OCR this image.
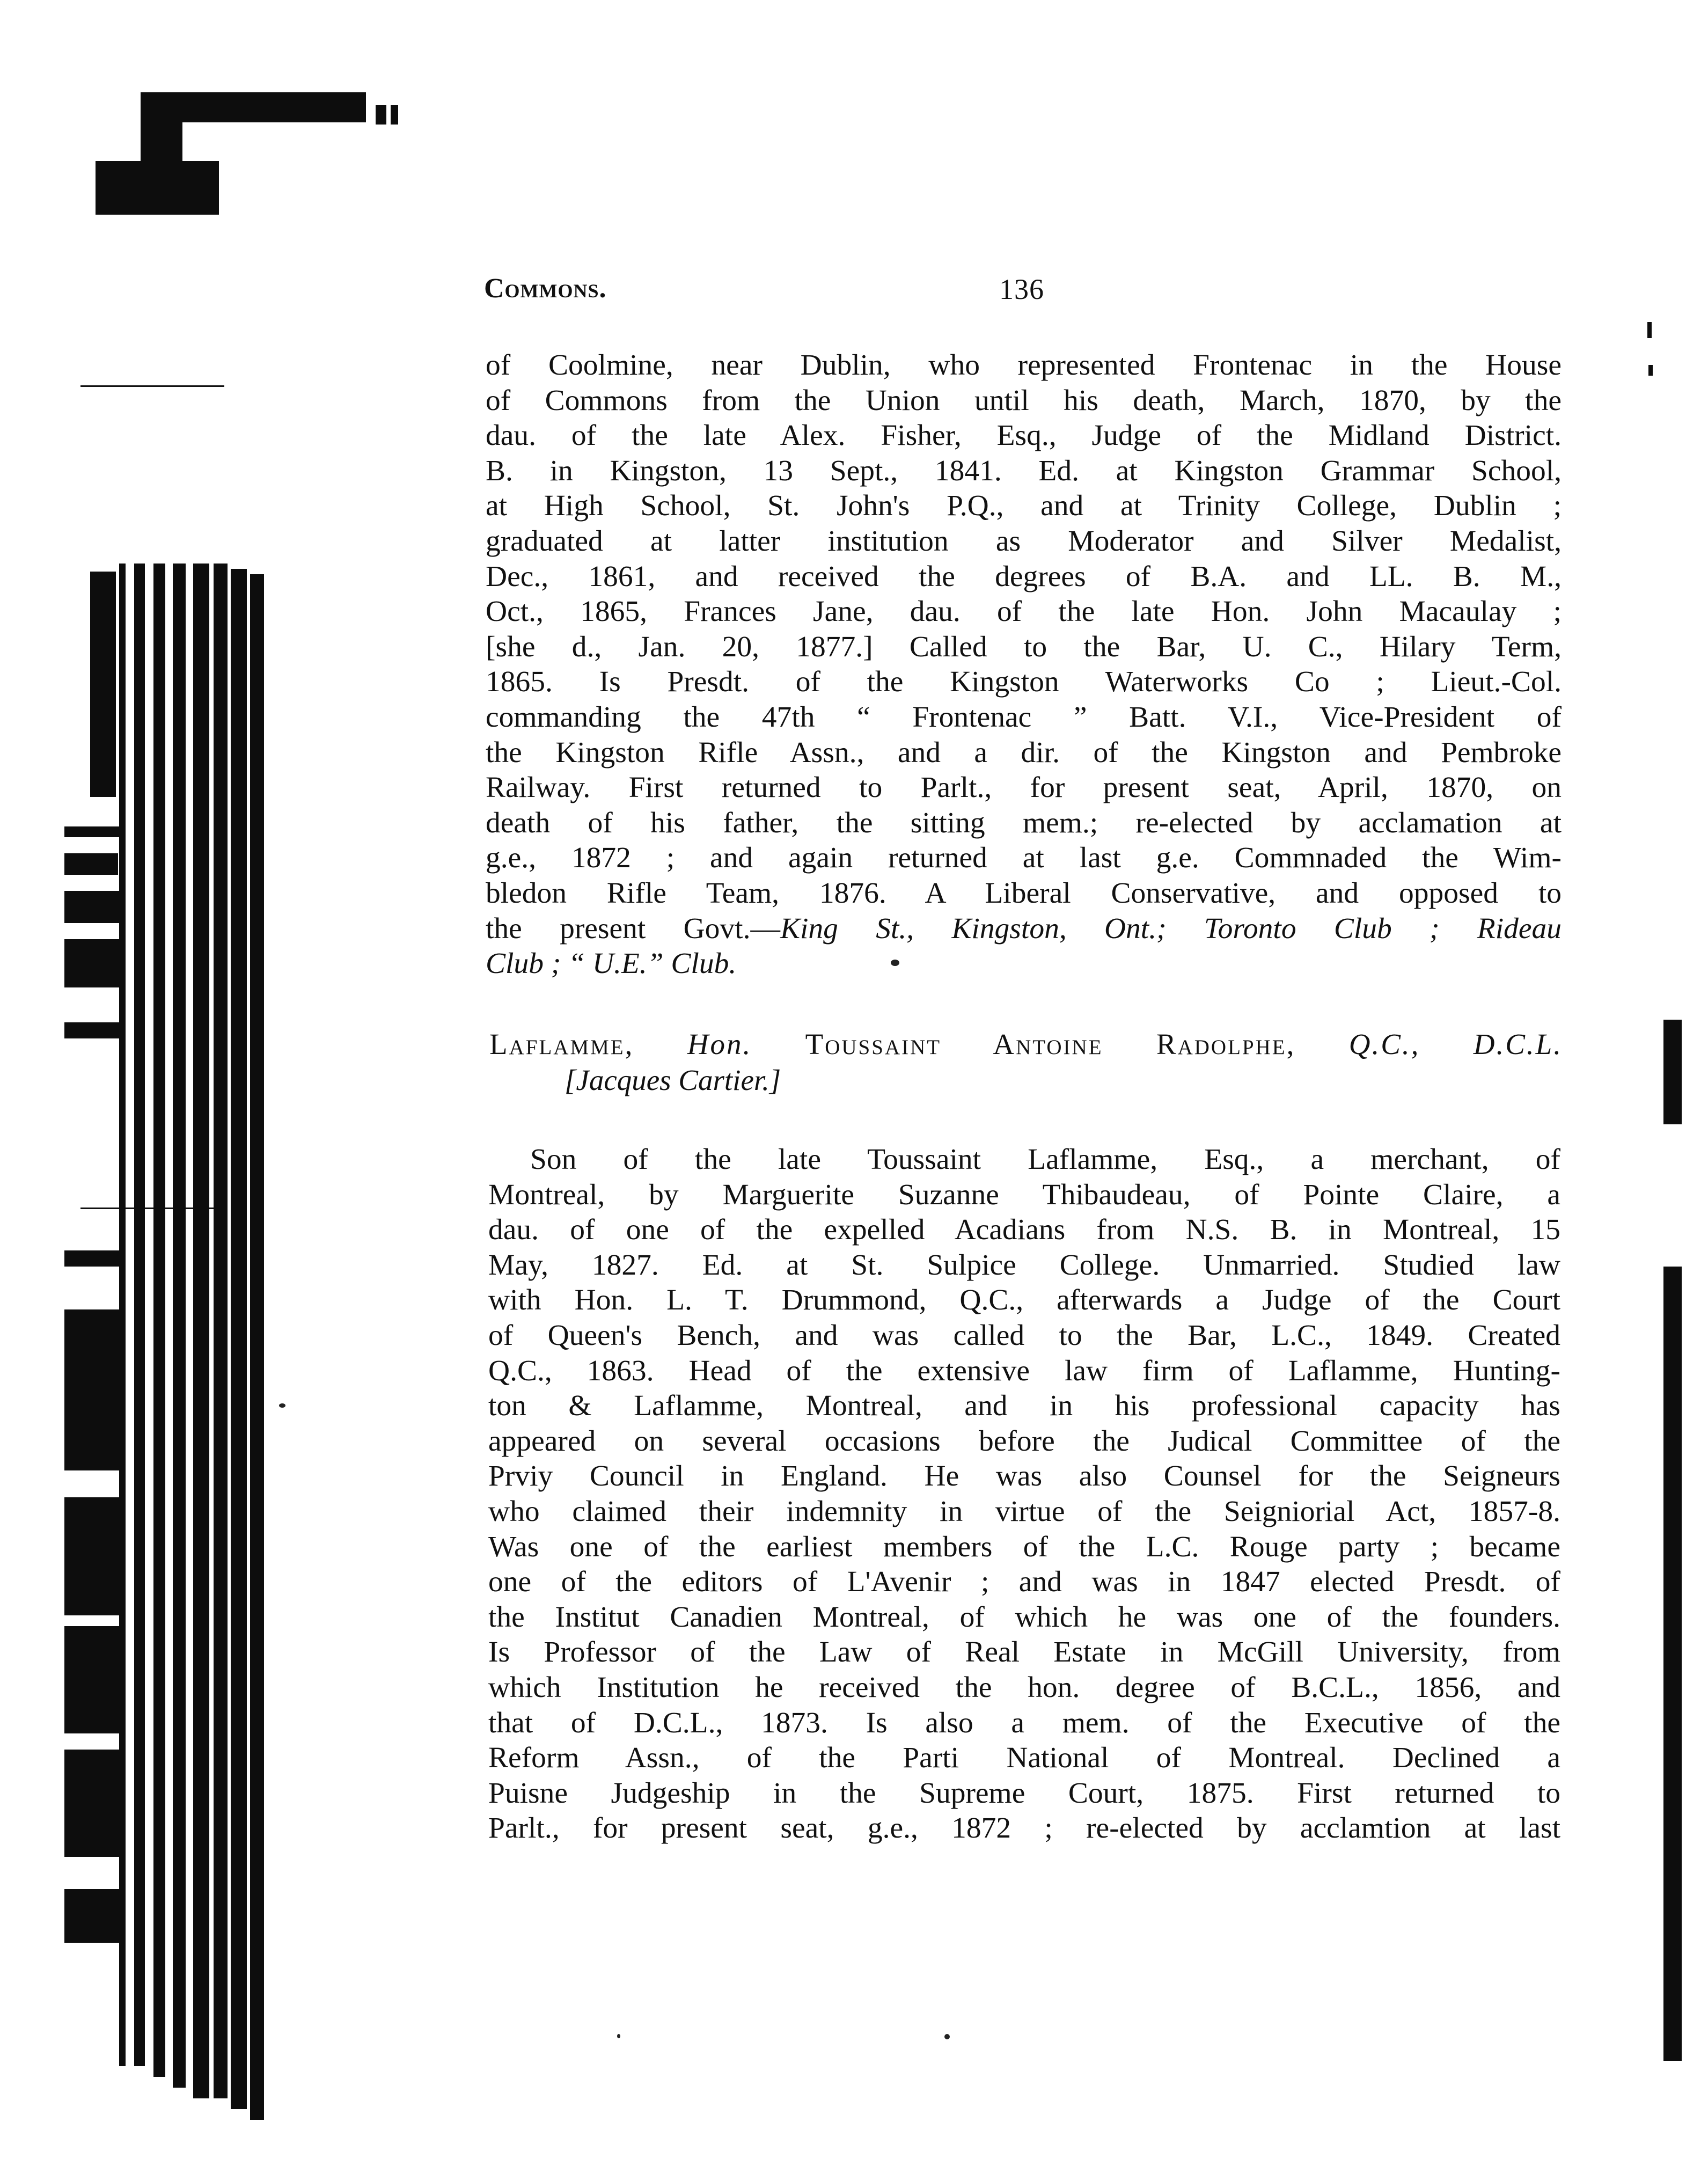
Commons.	136
of Coolmine, near Dublin, who represented Frontenac in the House
of Commons from the Union until his death, March, 1870, by the
dau. of the late Alex. Fisher, Esq., Judge of the Midland District.
B. in Kingston, 13 Sept., 1841. Ed. at Kingston Grammar School,
at High School, St. John's P.Q., and at Trinity College, Dublin ;
graduated at latter institution as Moderator and Silver Medalist,
Dec., 1861, and received the degrees of B.A. and LL. B. M.,
Oct., 1865, Frances Jane, dau. of the late Hon. John Macaulay ;
[she d., Jan. 20, 1877.] Called to the Bar, U. C., Hilary Term,
1865. Is Presdt. of the Kingston Waterworks Co ; Lieut.-Col.
commanding the 47th “ Frontenac ” Batt. V.I., Vice-President of
the Kingston Rifle Assn., and a dir. of the Kingston and Pembroke
Railway. First returned to Parlt., for present seat, April, 1870, on
death of his father, the sitting mem.; re-elected by acclamation at
g.e., 1872 ; and again returned at last g.e. Commnaded the Wim-
bledon Rifle Team, 1876. A Liberal Conservative, and opposed to
the present Govt.—King St., Kingston, Ont.; Toronto Club ; Rideau
Club ; “ U.E.” Club.
Laflamme, Hon. Toussaint Antoine Radolphe, Q.C., D.C.L.
[Jacques Cartier.]
Son of the late Toussaint Laflamme, Esq., a merchant, of
Montreal, by Marguerite Suzanne Thibaudeau, of Pointe Claire, a
dau. of one of the expelled Acadians from N.S. B. in Montreal, 15
May, 1827. Ed. at St. Sulpice College. Unmarried. Studied law
with Hon. L. T. Drummond, Q.C., afterwards a Judge of the Court
of Queen's Bench, and was called to the Bar, L.C., 1849. Created
Q.C., 1863. Head of the extensive law firm of Laflamme, Hunting-
ton & Laflamme, Montreal, and in his professional capacity has
appeared on several occasions before the Judical Committee of the
Prviy Council in England. He was also Counsel for the Seigneurs
who claimed their indemnity in virtue of the Seigniorial Act, 1857-8.
Was one of the earliest members of the L.C. Rouge party ; became
one of the editors of L'Avenir ; and was in 1847 elected Presdt. of
the Institut Canadien Montreal, of which he was one of the founders.
Is Professor of the Law of Real Estate in McGill University, from
which Institution he received the hon. degree of B.C.L., 1856, and
that of D.C.L., 1873. Is also a mem. of the Executive of the
Reform Assn., of the Parti National of Montreal. Declined a
Puisne Judgeship in the Supreme Court, 1875. First returned to
Parlt., for present seat, g.e., 1872 ; re-elected by acclamtion at last
